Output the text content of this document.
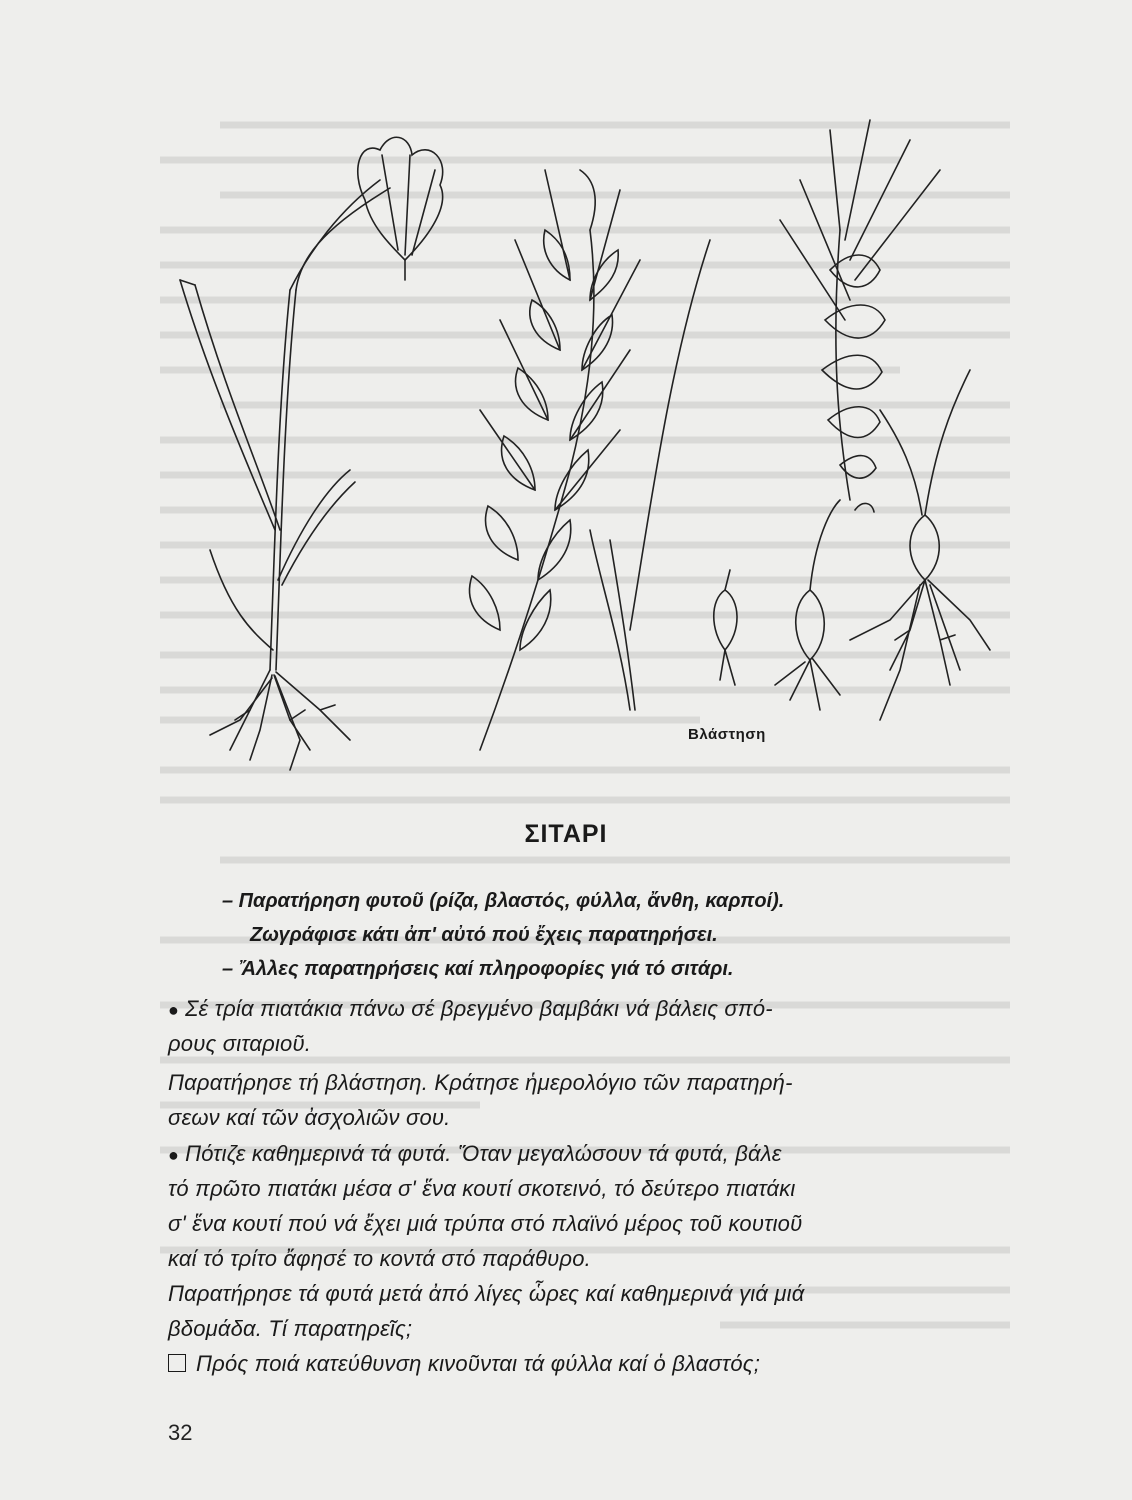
Βλάστηση
ΣΙΤΑΡΙ
– Παρατήρηση φυτοῦ (ρίζα, βλαστός, φύλλα, ἄνθη, καρποί).
Ζωγράφισε κάτι ἀπ' αὐτό πού ἔχεις παρατηρήσει.
– Ἄλλες παρατηρήσεις καί πληροφορίες γιά τό σιτάρι.
● Σέ τρία πιατάκια πάνω σέ βρεγμένο βαμβάκι νά βάλεις σπό-
ρους σιταριοῦ.
Παρατήρησε τή βλάστηση. Κράτησε ἡμερολόγιο τῶν παρατηρή-
σεων καί τῶν ἀσχολιῶν σου.
● Πότιζε καθημερινά τά φυτά. Ὅταν μεγαλώσουν τά φυτά, βάλε
τό πρῶτο πιατάκι μέσα σ' ἕνα κουτί σκοτεινό, τό δεύτερο πιατάκι
σ' ἕνα κουτί πού νά ἔχει μιά τρύπα στό πλαϊνό μέρος τοῦ κουτιοῦ
καί τό τρίτο ἄφησέ το κοντά στό παράθυρο.
Παρατήρησε τά φυτά μετά ἀπό λίγες ὧρες καί καθημερινά γιά μιά
βδομάδα. Τί παρατηρεῖς;
Πρός ποιά κατεύθυνση κινοῦνται τά φύλλα καί ὁ βλαστός;
32
